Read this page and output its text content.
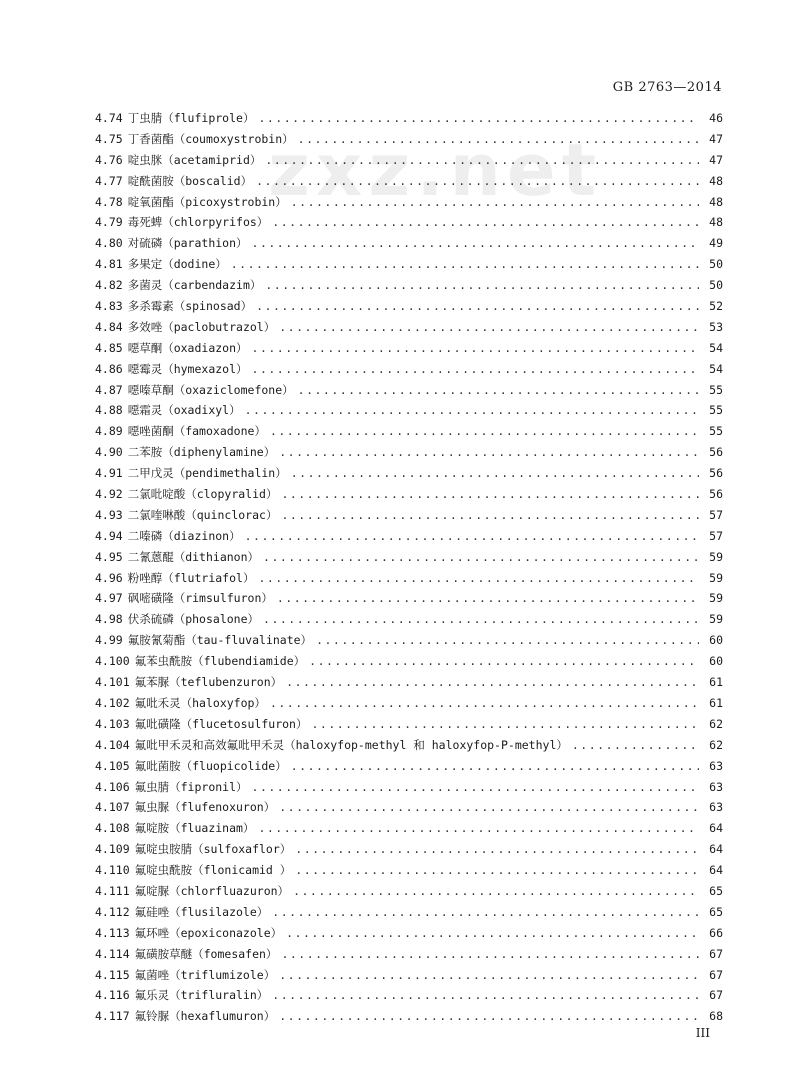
GB 2763—2014
zxz.net
4.74 丁虫腈（flufiprole） .....	46
4.75 丁香菌酯（coumoxystrobin） .....	47
4.76 啶虫脒（acetamiprid） .....	47
4.77 啶酰菌胺（boscalid） .....	48
4.78 啶氧菌酯（picoxystrobin） .....	48
4.79 毒死蜱（chlorpyrifos） .....	48
4.80 对硫磷（parathion） .....	49
4.81 多果定（dodine） .....	50
4.82 多菌灵（carbendazim） .....	50
4.83 多杀霉素（spinosad） .....	52
4.84 多效唑（paclobutrazol） .....	53
4.85 噁草酮（oxadiazon） .....	54
4.86 噁霉灵（hymexazol） .....	54
4.87 噁嗪草酮（oxaziclomefone） .....	55
4.88 噁霜灵（oxadixyl） .....	55
4.89 噁唑菌酮（famoxadone） .....	55
4.90 二苯胺（diphenylamine） .....	56
4.91 二甲戊灵（pendimethalin） .....	56
4.92 二氯吡啶酸（clopyralid） .....	56
4.93 二氯喹啉酸（quinclorac） .....	57
4.94 二嗪磷（diazinon） .....	57
4.95 二氰蒽醌（dithianon） .....	59
4.96 粉唑醇（flutriafol） .....	59
4.97 砜嘧磺隆（rimsulfuron） .....	59
4.98 伏杀硫磷（phosalone） .....	59
4.99 氟胺氰菊酯（tau-fluvalinate） .....	60
4.100 氟苯虫酰胺（flubendiamide） .....	60
4.101 氟苯脲（teflubenzuron） .....	61
4.102 氟吡禾灵（haloxyfop） .....	61
4.103 氟吡磺隆（flucetosulfuron） .....	62
4.104 氟吡甲禾灵和高效氟吡甲禾灵（haloxyfop-methyl 和 haloxyfop-P-methyl） .....	62
4.105 氟吡菌胺（fluopicolide） .....	63
4.106 氟虫腈（fipronil） .....	63
4.107 氟虫脲（flufenoxuron） .....	63
4.108 氟啶胺（fluazinam） .....	64
4.109 氟啶虫胺腈（sulfoxaflor） .....	64
4.110 氟啶虫酰胺（flonicamid ） .....	64
4.111 氟啶脲（chlorfluazuron） .....	65
4.112 氟硅唑（flusilazole） .....	65
4.113 氟环唑（epoxiconazole） .....	66
4.114 氟磺胺草醚（fomesafen） .....	67
4.115 氟菌唑（triflumizole） .....	67
4.116 氟乐灵（trifluralin） .....	67
4.117 氟铃脲（hexaflumuron） .....	68
III
